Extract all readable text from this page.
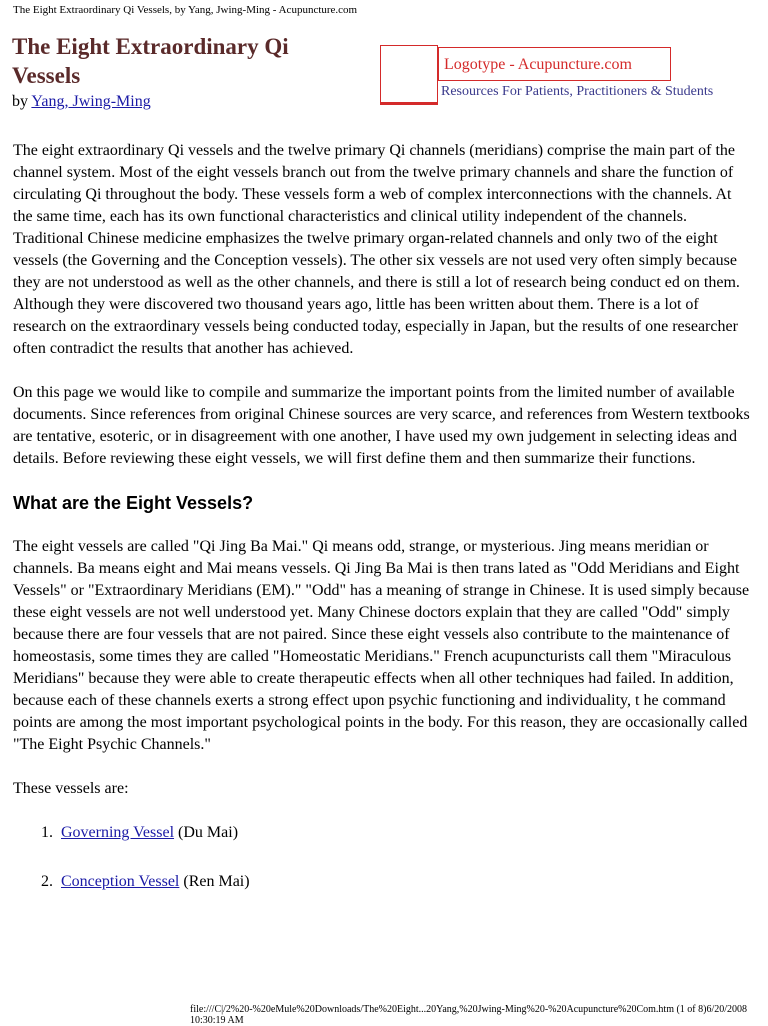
The Eight Extraordinary Qi Vessels, by Yang, Jwing-Ming - Acupuncture.com
The Eight Extraordinary Qi Vessels
by Yang, Jwing-Ming
Logotype - Acupuncture.com
Resources For Patients, Practitioners & Students

The eight extraordinary Qi vessels and the twelve primary Qi channels (meridians) comprise the main part of the channel system. Most of the eight vessels branch out from the twelve primary channels and share the function of circulating Qi throughout the body. These vessels form a web of complex interconnections with the channels. At the same time, each has its own functional characteristics and clinical utility independent of the channels. Traditional Chinese medicine emphasizes the twelve primary organ-related channels and only two of the eight vessels (the Governing and the Conception vessels). The other six vessels are not used very often simply because they are not understood as well as the other channels, and there is still a lot of research being conduct ed on them. Although they were discovered two thousand years ago, little has been written about them. There is a lot of research on the extraordinary vessels being conducted today, especially in Japan, but the results of one researcher often contradict the results that another has achieved.

On this page we would like to compile and summarize the important points from the limited number of available documents. Since references from original Chinese sources are very scarce, and references from Western textbooks are tentative, esoteric, or in disagreement with one another, I have used my own judgement in selecting ideas and details. Before reviewing these eight vessels, we will first define them and then summarize their functions.

What are the Eight Vessels?

The eight vessels are called "Qi Jing Ba Mai." Qi means odd, strange, or mysterious. Jing means meridian or channels. Ba means eight and Mai means vessels. Qi Jing Ba Mai is then trans lated as "Odd Meridians and Eight Vessels" or "Extraordinary Meridians (EM)." "Odd" has a meaning of strange in Chinese. It is used simply because these eight vessels are not well understood yet. Many Chinese doctors explain that they are called "Odd" simply because there are four vessels that are not paired. Since these eight vessels also contribute to the maintenance of homeostasis, some times they are called "Homeostatic Meridians." French acupuncturists call them "Miraculous Meridians" because they were able to create therapeutic effects when all other techniques had failed. In addition, because each of these channels exerts a strong effect upon psychic functioning and individuality, t he command points are among the most important psychological points in the body. For this reason, they are occasionally called "The Eight Psychic Channels."

These vessels are:

1. Governing Vessel (Du Mai)
2. Conception Vessel (Ren Mai)
file:///C|/2%20-%20eMule%20Downloads/The%20Eight...20Yang,%20Jwing-Ming%20-%20Acupuncture%20Com.htm (1 of 8)6/20/2008 10:30:19 AM
